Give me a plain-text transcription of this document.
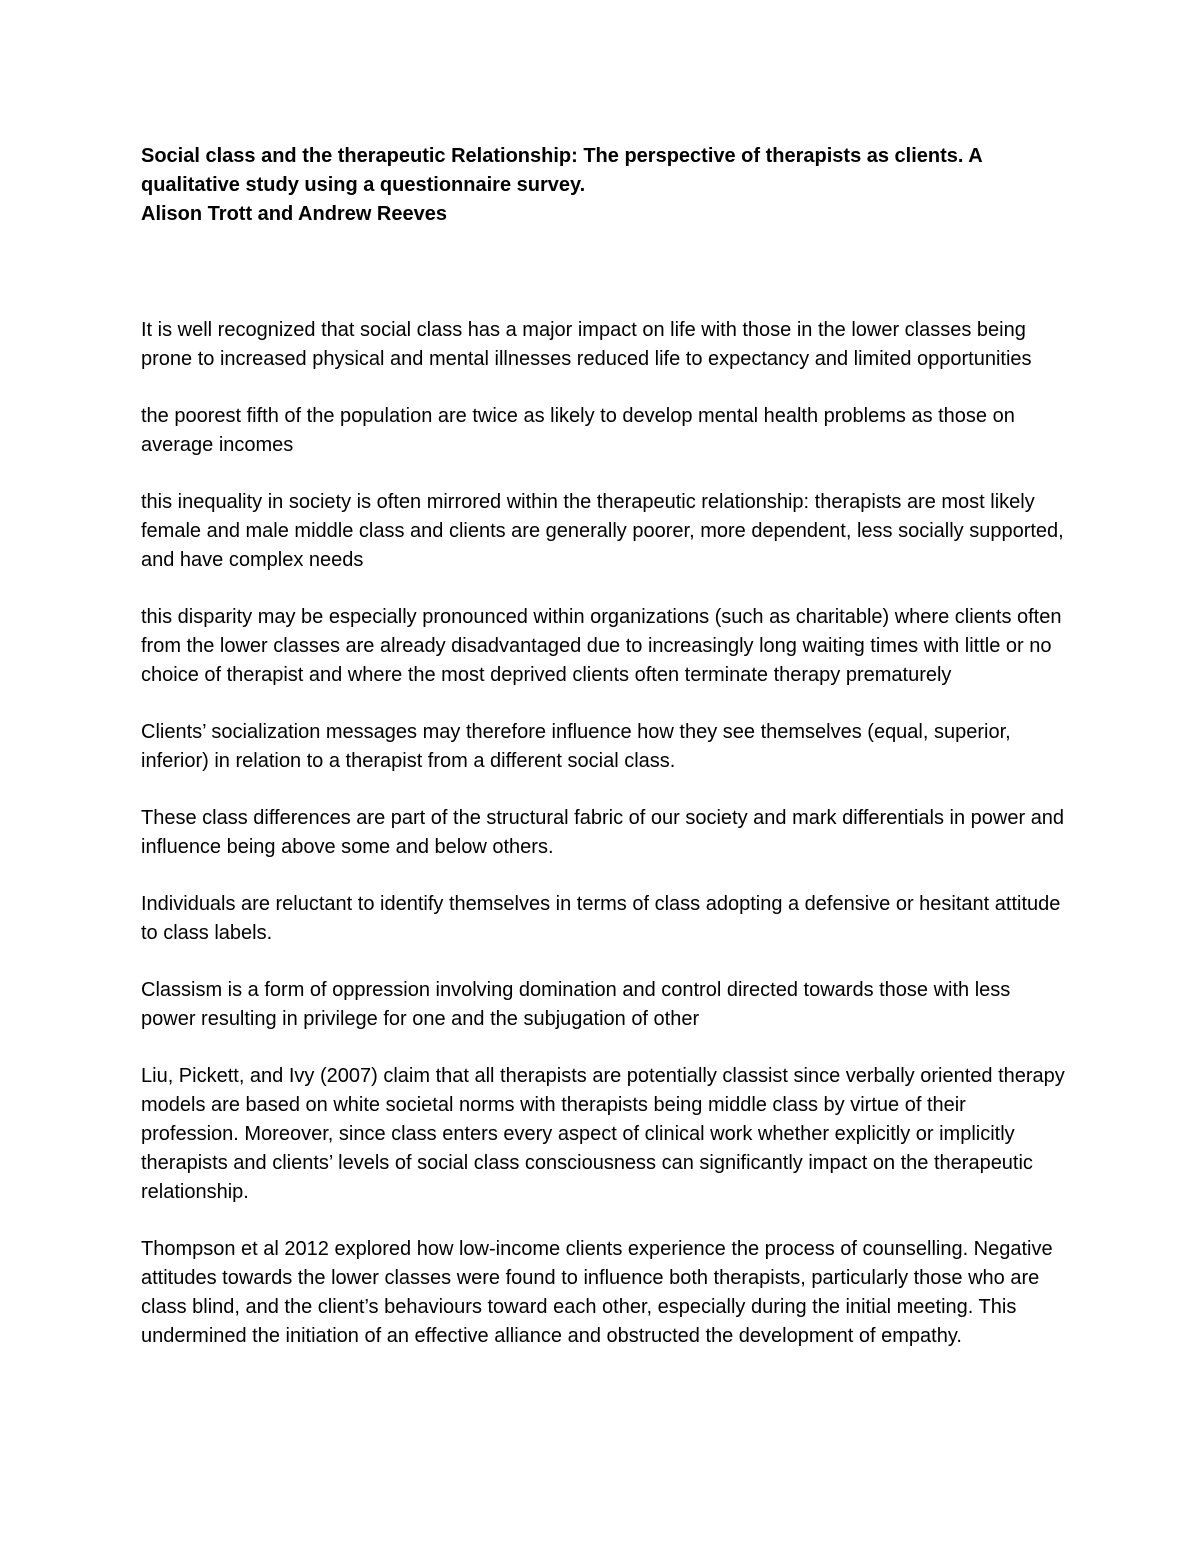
Social class and the therapeutic Relationship: The perspective of therapists as clients. A
qualitative study using a questionnaire survey.
Alison Trott and Andrew Reeves

It is well recognized that social class has a major impact on life with those in the lower classes being prone to increased physical and mental illnesses reduced life to expectancy and limited opportunities

the poorest fifth of the population are twice as likely to develop mental health problems as those on average incomes

this inequality in society is often mirrored within the therapeutic relationship: therapists are most likely female and male middle class and clients are generally poorer, more dependent, less socially supported, and have complex needs

this disparity may be especially pronounced within organizations (such as charitable) where clients often from the lower classes are already disadvantaged due to increasingly long waiting times with little or no choice of therapist and where the most deprived clients often terminate therapy prematurely

Clients’ socialization messages may therefore influence how they see themselves (equal, superior, inferior) in relation to a therapist from a different social class.

These class differences are part of the structural fabric of our society and mark differentials in power and influence being above some and below others.

Individuals are reluctant to identify themselves in terms of class adopting a defensive or hesitant attitude to class labels.

Classism is a form of oppression involving domination and control directed towards those with less power resulting in privilege for one and the subjugation of other

Liu, Pickett, and Ivy (2007) claim that all therapists are potentially classist since verbally oriented therapy models are based on white societal norms with therapists being middle class by virtue of their profession. Moreover, since class enters every aspect of clinical work whether explicitly or implicitly therapists and clients’ levels of social class consciousness can significantly impact on the therapeutic relationship.

Thompson et al 2012 explored how low-income clients experience the process of counselling. Negative attitudes towards the lower classes were found to influence both therapists, particularly those who are class blind, and the client’s behaviours toward each other, especially during the initial meeting. This undermined the initiation of an effective alliance and obstructed the development of empathy.
